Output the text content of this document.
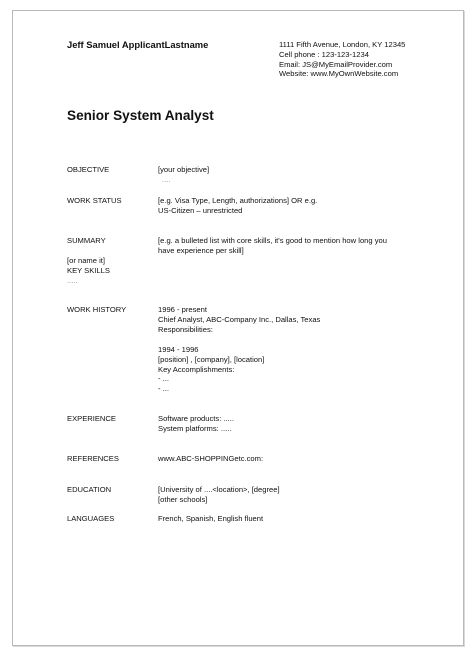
Jeff Samuel ApplicantLastname	1111 Fifth Avenue, London, KY 12345
Cell phone : 123-123-1234
Email: JS@MyEmailProvider.com
Website: www.MyOwnWebsite.com
Senior System Analyst
OBJECTIVE	[your objective]
....
WORK STATUS	[e.g. Visa Type, Length, authorizations] OR e.g.
US-Citizen – unrestricted
SUMMARY	[e.g. a bulleted list with core skills, it's good to mention how long you
have experience per skill]
[or name it]
KEY SKILLS
.....
WORK HISTORY	1996 - present
Chief Analyst, ABC-Company Inc., Dallas, Texas
Responsibilities:
1994 - 1996
[position] , [company], [location]
Key Accomplishments:
- ...
- ...
EXPERIENCE	Software products: .....
System platforms: .....
REFERENCES	www.ABC-SHOPPINGetc.com:
EDUCATION	[University of ....<location>, [degree]
[other schools]
LANGUAGES	French, Spanish, English fluent
